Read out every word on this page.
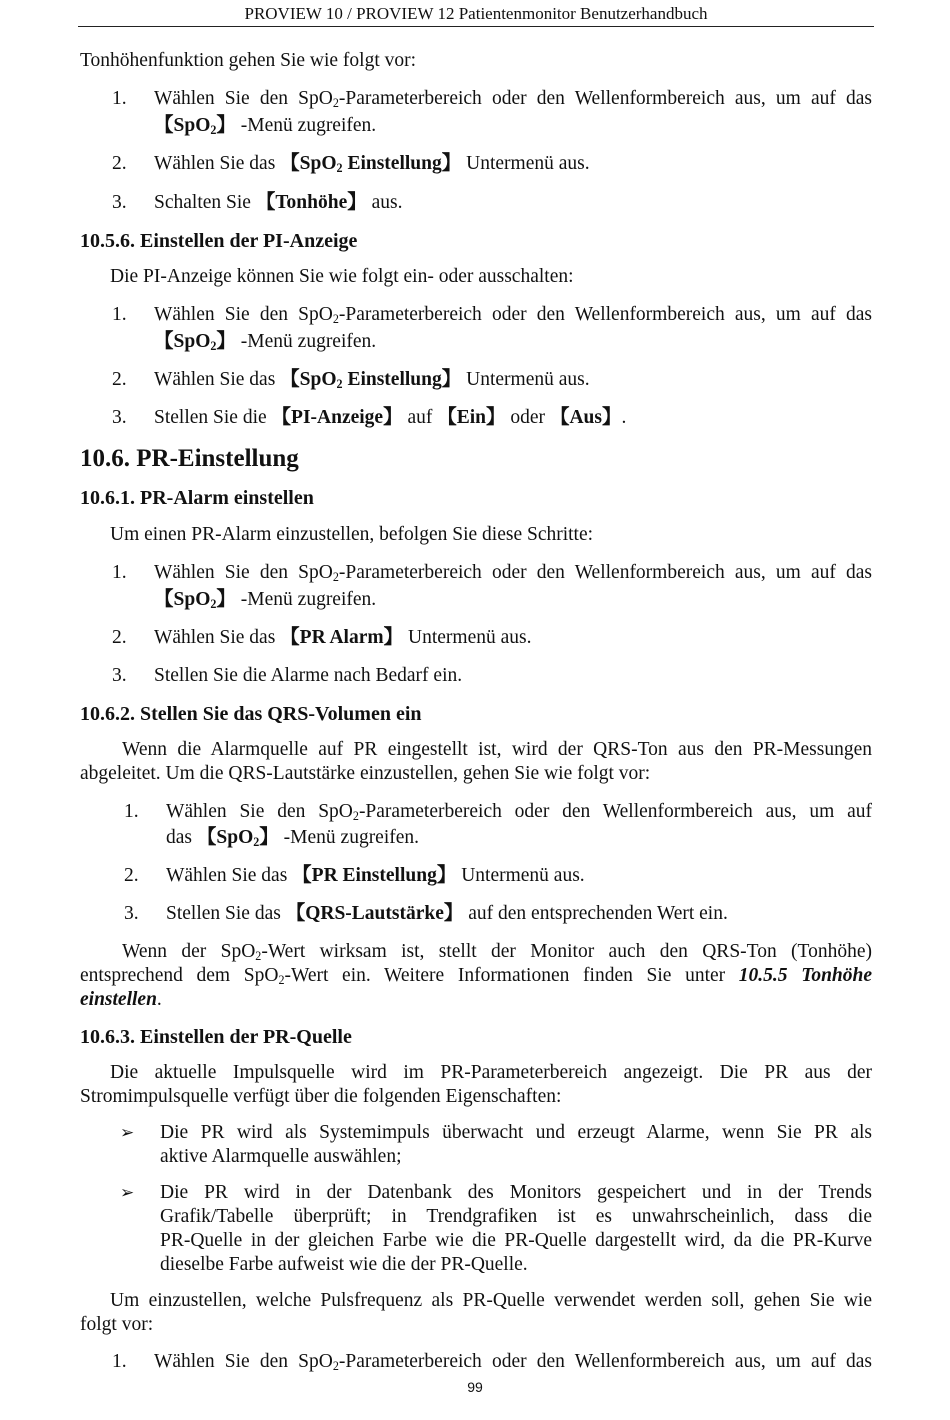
PROVIEW 10 / PROVIEW 12 Patientenmonitor Benutzerhandbuch
Tonhöhenfunktion gehen Sie wie folgt vor:
1. Wählen Sie den SpO$_2$-Parameterbereich oder den Wellenformbereich aus, um auf das
【SpO$_2$】 -Menü zugreifen.
2. Wählen Sie das 【SpO$_2$ Einstellung】 Untermenü aus.
3. Schalten Sie 【Tonhöhe】 aus.
10.5.6. Einstellen der PI-Anzeige
Die PI-Anzeige können Sie wie folgt ein- oder ausschalten:
1. Wählen Sie den SpO$_2$-Parameterbereich oder den Wellenformbereich aus, um auf das
【SpO$_2$】 -Menü zugreifen.
2. Wählen Sie das 【SpO$_2$ Einstellung】 Untermenü aus.
3. Stellen Sie die 【PI-Anzeige】 auf 【Ein】 oder 【Aus】.
10.6. PR-Einstellung
10.6.1. PR-Alarm einstellen
Um einen PR-Alarm einzustellen, befolgen Sie diese Schritte:
1. Wählen Sie den SpO$_2$-Parameterbereich oder den Wellenformbereich aus, um auf das
【SpO$_2$】 -Menü zugreifen.
2. Wählen Sie das 【PR Alarm】 Untermenü aus.
3. Stellen Sie die Alarme nach Bedarf ein.
10.6.2. Stellen Sie das QRS-Volumen ein
Wenn die Alarmquelle auf PR eingestellt ist, wird der QRS-Ton aus den PR-Messungen
abgeleitet. Um die QRS-Lautstärke einzustellen, gehen Sie wie folgt vor:
1. Wählen Sie den SpO$_2$-Parameterbereich oder den Wellenformbereich aus, um auf
das 【SpO$_2$】 -Menü zugreifen.
2. Wählen Sie das 【PR Einstellung】 Untermenü aus.
3. Stellen Sie das 【QRS-Lautstärke】 auf den entsprechenden Wert ein.
Wenn der SpO$_2$-Wert wirksam ist, stellt der Monitor auch den QRS-Ton (Tonhöhe)
entsprechend dem SpO$_2$-Wert ein. Weitere Informationen finden Sie unter 10.5.5 Tonhöhe
einstellen.
10.6.3. Einstellen der PR-Quelle
Die aktuelle Impulsquelle wird im PR-Parameterbereich angezeigt. Die PR aus der
Stromimpulsquelle verfügt über die folgenden Eigenschaften:
➢ Die PR wird als Systemimpuls überwacht und erzeugt Alarme, wenn Sie PR als
aktive Alarmquelle auswählen;
➢ Die PR wird in der Datenbank des Monitors gespeichert und in der Trends
Grafik/Tabelle überprüft; in Trendgrafiken ist es unwahrscheinlich, dass die
PR-Quelle in der gleichen Farbe wie die PR-Quelle dargestellt wird, da die PR-Kurve
dieselbe Farbe aufweist wie die der PR-Quelle.
Um einzustellen, welche Pulsfrequenz als PR-Quelle verwendet werden soll, gehen Sie wie
folgt vor:
1. Wählen Sie den SpO$_2$-Parameterbereich oder den Wellenformbereich aus, um auf das
99
